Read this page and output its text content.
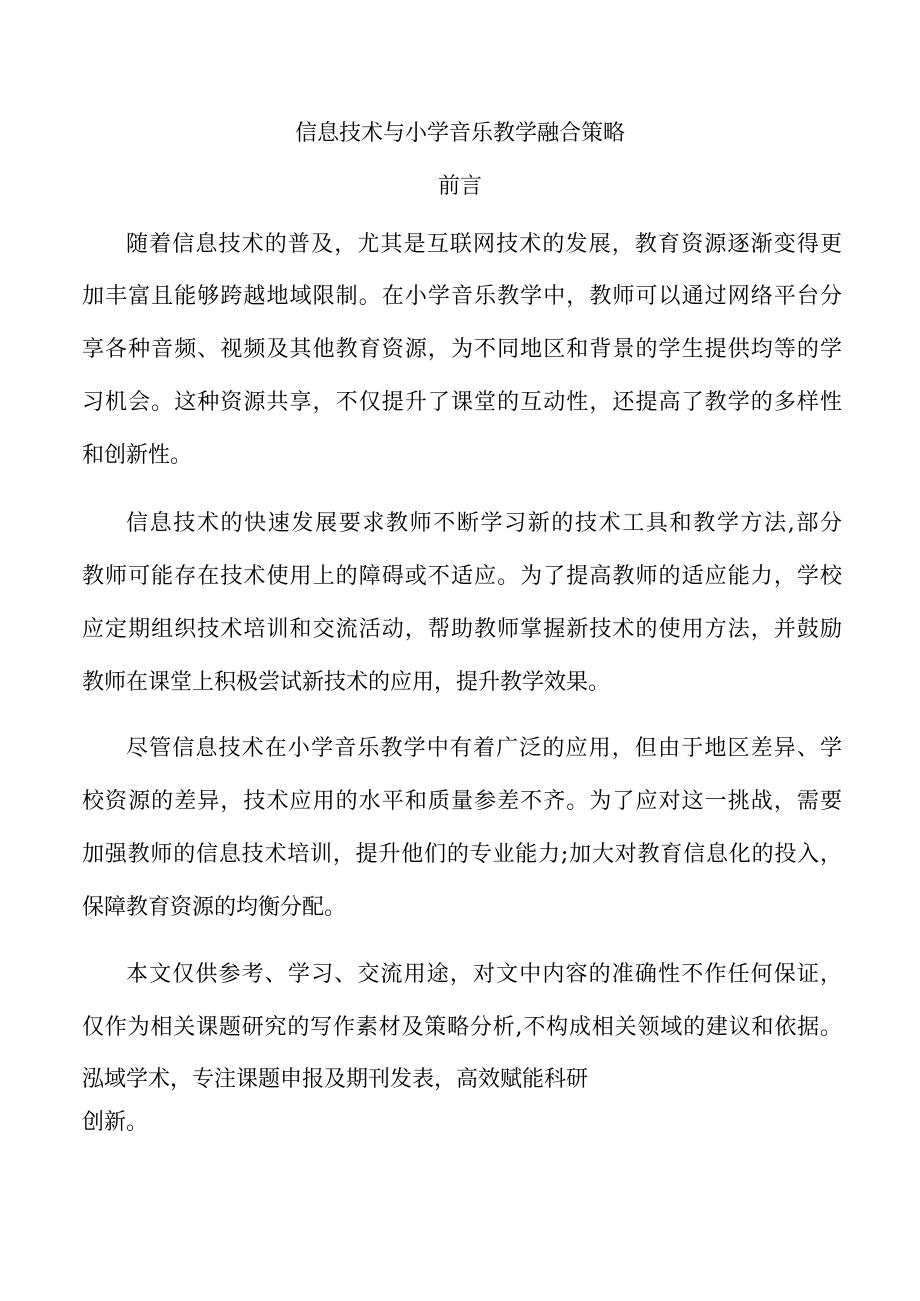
信息技术与小学音乐教学融合策略
前言
随着信息技术的普及，尤其是互联网技术的发展，教育资源逐渐变得更
加丰富且能够跨越地域限制。在小学音乐教学中，教师可以通过网络平台分
享各种音频、视频及其他教育资源，为不同地区和背景的学生提供均等的学
习机会。这种资源共享，不仅提升了课堂的互动性，还提高了教学的多样性
和创新性。
信息技术的快速发展要求教师不断学习新的技术工具和教学方法,部分
教师可能存在技术使用上的障碍或不适应。为了提高教师的适应能力，学校
应定期组织技术培训和交流活动，帮助教师掌握新技术的使用方法，并鼓励
教师在课堂上积极尝试新技术的应用，提升教学效果。
尽管信息技术在小学音乐教学中有着广泛的应用，但由于地区差异、学
校资源的差异，技术应用的水平和质量参差不齐。为了应对这一挑战，需要
加强教师的信息技术培训，提升他们的专业能力;加大对教育信息化的投入，
保障教育资源的均衡分配。
本文仅供参考、学习、交流用途，对文中内容的准确性不作任何保证，
仅作为相关课题研究的写作素材及策略分析,不构成相关领域的建议和依据。
泓域学术，专注课题申报及期刊发表，高效赋能科研
创新。
